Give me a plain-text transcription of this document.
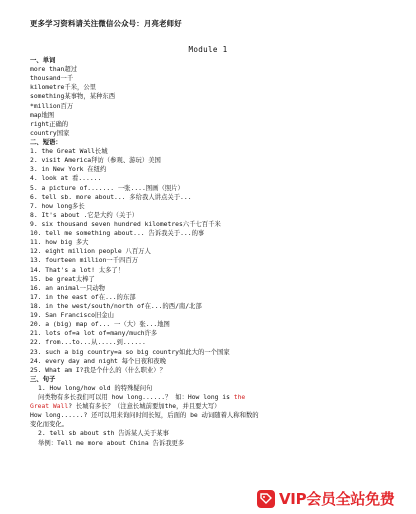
更多学习资料请关注微信公众号：月亮老师好
Module 1
一、单词
more than超过
thousand一千
kilometre千米，公里
something某事物，某种东西
*million百万
map地图
right正确的
country国家
二、短语：
1. the Great Wall长城
2. visit America拜访（参观、游玩）美国
3. in New York 在纽约
4. look at 看......
5. a picture of....... 一张....图画（照片）
6. tell sb. more about... 多给我人讲点关于...
7. how long多长
8. It's about .它是大约（关于）
9. six thousand seven hundred kilometres六千七百千米
10. tell me something about... 告诉我关于...的事
11. how big 多大
12. eight million people 八百万人
13. fourteen million一千四百万
14. That's a lot! 太多了！
15. be great太棒了
16. an animal一只动物
17. in the east of在...的东部
18. in the west/south/north of在...的西/南/北部
19. San Francisco旧金山
20. a (big) map of... 一（大）张...地图
21. lots of=a lot of=many/much许多
22. from...to...从.....到......
23. such a big country=a so big country如此大的一个国家
24. every day and night 每个日夜和夜晚
25. What am I?我是个什么的（什么职业）？
三、句子
1. How long/how old 的特殊疑问句
问类物有多长我们可以用 how long......？ 如：How long is the
Great Wall? 长城有多长？（注意长城前要加the，并且要大写）
How long......? 还可以用来询问时间长短，后面的 be 动词随着人称和数的
变化而变化。
2. tell sb about sth 告诉某人关于某事
举例：Tell me more about China 告诉我更多
VIP会员全站免费
